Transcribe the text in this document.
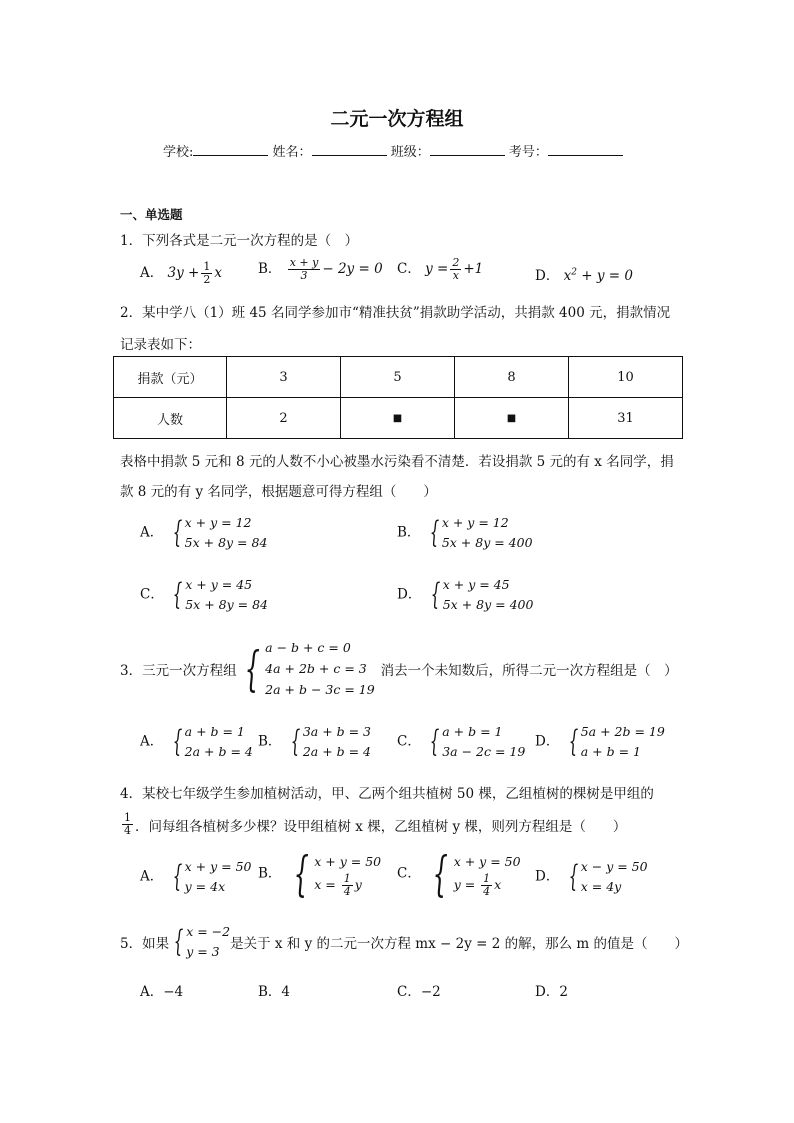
二元一次方程组
学校:	姓名：	班级：	考号：
一、单选题
1．下列各式是二元一次方程的是（　）
A． $3y + \frac{1}{2}$ x	B． $\frac{x + y}{3} - 2y = 0$ C． $y = \frac{2}{x} +1$	D． $x^2 + y = 0$
2．某中学八（1）班 45 名同学参加市“精准扶贫”捐款助学活动，共捐款 400 元，捐款情况
记录表如下：
捐款（元）	3	5	8	10
人数	2	■	■	31
表格中捐款 5 元和 8 元的人数不小心被墨水污染看不清楚．若设捐款 5 元的有 x 名同学，捐
款 8 元的有 y 名同学，根据题意可得方程组（　　）
A． { x + y = 12
5x + 8y = 84
B． { x + y = 12
5x + 8y = 400
C． { x + y = 45
5x + 8y = 84
D． { x + y = 45
5x + 8y = 400
3．三元一次方程组 { a − b + c = 0
4a + 2b + c = 3
2a + b − 3c = 19
消去一个未知数后，所得二元一次方程组是（　）
A． { a + b = 1
2a + b = 4
B． { 3a + b = 3
2a + b = 4
C． { a + b = 1
3a − 2c = 19
D． { 5a + 2b = 19
a + b = 1
4．某校七年级学生参加植树活动，甲、乙两个组共植树 50 棵，乙组植树的棵树是甲组的
$\frac{1}{4}$ ．问每组各植树多少棵？设甲组植树 x 棵，乙组植树 y 棵，则列方程组是（　　）
A． { x + y = 50
y = 4x
B． { x + y = 50
$x = \frac{1}{4}$ y
C． { x + y = 50
$y = \frac{1}{4}$ x	D． { x − y = 50
x = 4y
5．如果 { x = −2
y = 3 是关于 x 和 y 的二元一次方程 mx − 2y = 2 的解，那么 m 的值是（　　）
A．−4	B．4	C．−2	D．2
